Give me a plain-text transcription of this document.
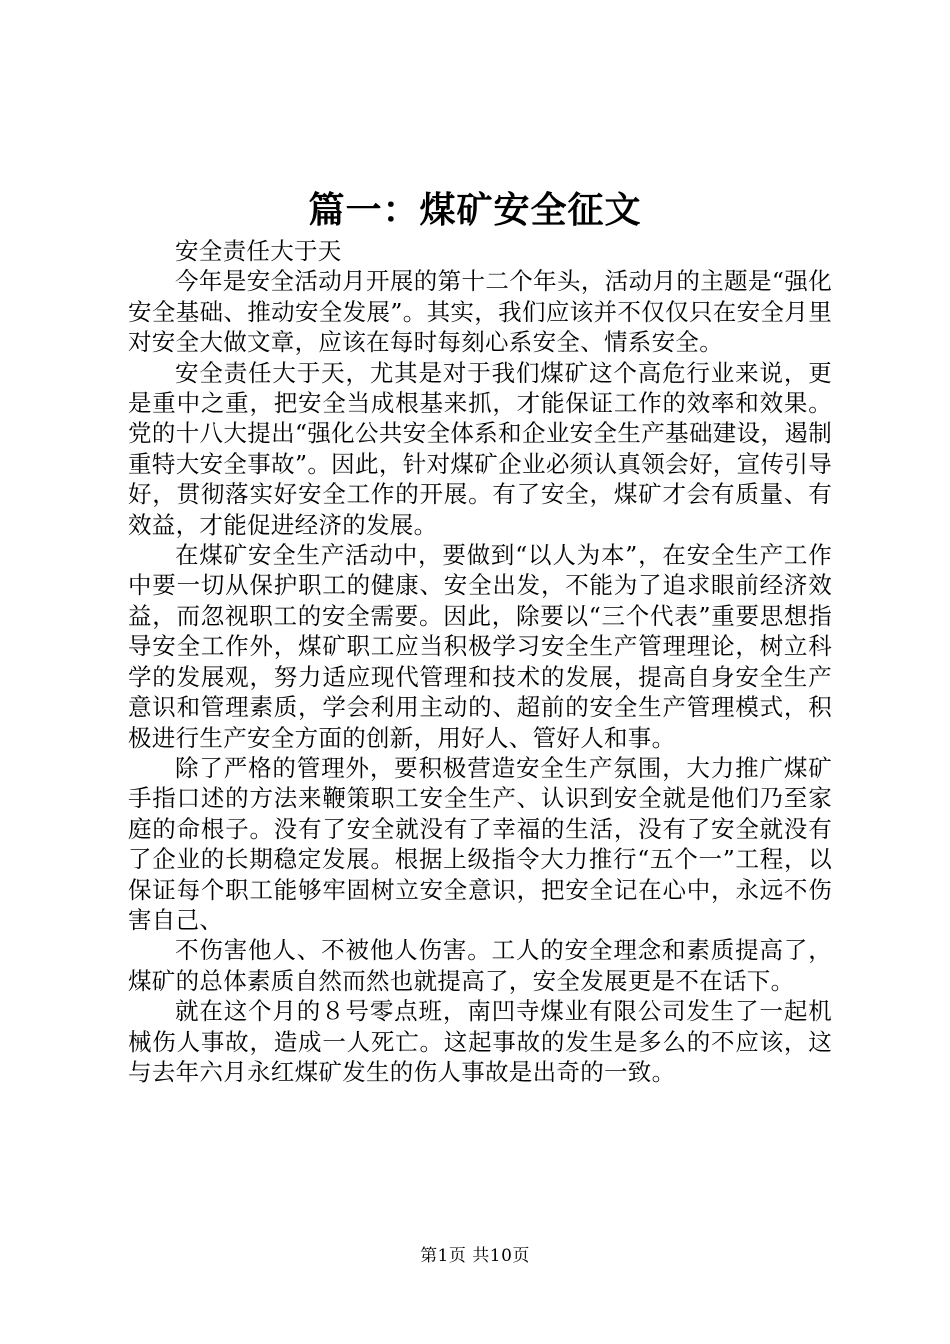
篇一：煤矿安全征文

安全责任大于天

今年是安全活动月开展的第十二个年头，活动月的主题是“强化安全基础、推动安全发展”。其实，我们应该并不仅仅只在安全月里对安全大做文章，应该在每时每刻心系安全、情系安全。

安全责任大于天，尤其是对于我们煤矿这个高危行业来说，更是重中之重，把安全当成根基来抓，才能保证工作的效率和效果。党的十八大提出“强化公共安全体系和企业安全生产基础建设，遏制重特大安全事故”。因此，针对煤矿企业必须认真领会好，宣传引导好，贯彻落实好安全工作的开展。有了安全，煤矿才会有质量、有效益，才能促进经济的发展。

在煤矿安全生产活动中，要做到“以人为本”，在安全生产工作中要一切从保护职工的健康、安全出发，不能为了追求眼前经济效益，而忽视职工的安全需要。因此，除要以“三个代表”重要思想指导安全工作外，煤矿职工应当积极学习安全生产管理理论，树立科学的发展观，努力适应现代管理和技术的发展，提高自身安全生产意识和管理素质，学会利用主动的、超前的安全生产管理模式，积极进行生产安全方面的创新，用好人、管好人和事。

除了严格的管理外，要积极营造安全生产氛围，大力推广煤矿手指口述的方法来鞭策职工安全生产、认识到安全就是他们乃至家庭的命根子。没有了安全就没有了幸福的生活，没有了安全就没有了企业的长期稳定发展。根据上级指令大力推行“五个一”工程，以保证每个职工能够牢固树立安全意识，把安全记在心中，永远不伤害自己、

不伤害他人、不被他人伤害。工人的安全理念和素质提高了，煤矿的总体素质自然而然也就提高了，安全发展更是不在话下。

就在这个月的８号零点班，南凹寺煤业有限公司发生了一起机械伤人事故，造成一人死亡。这起事故的发生是多么的不应该，这与去年六月永红煤矿发生的伤人事故是出奇的一致。

第1页 共10页
